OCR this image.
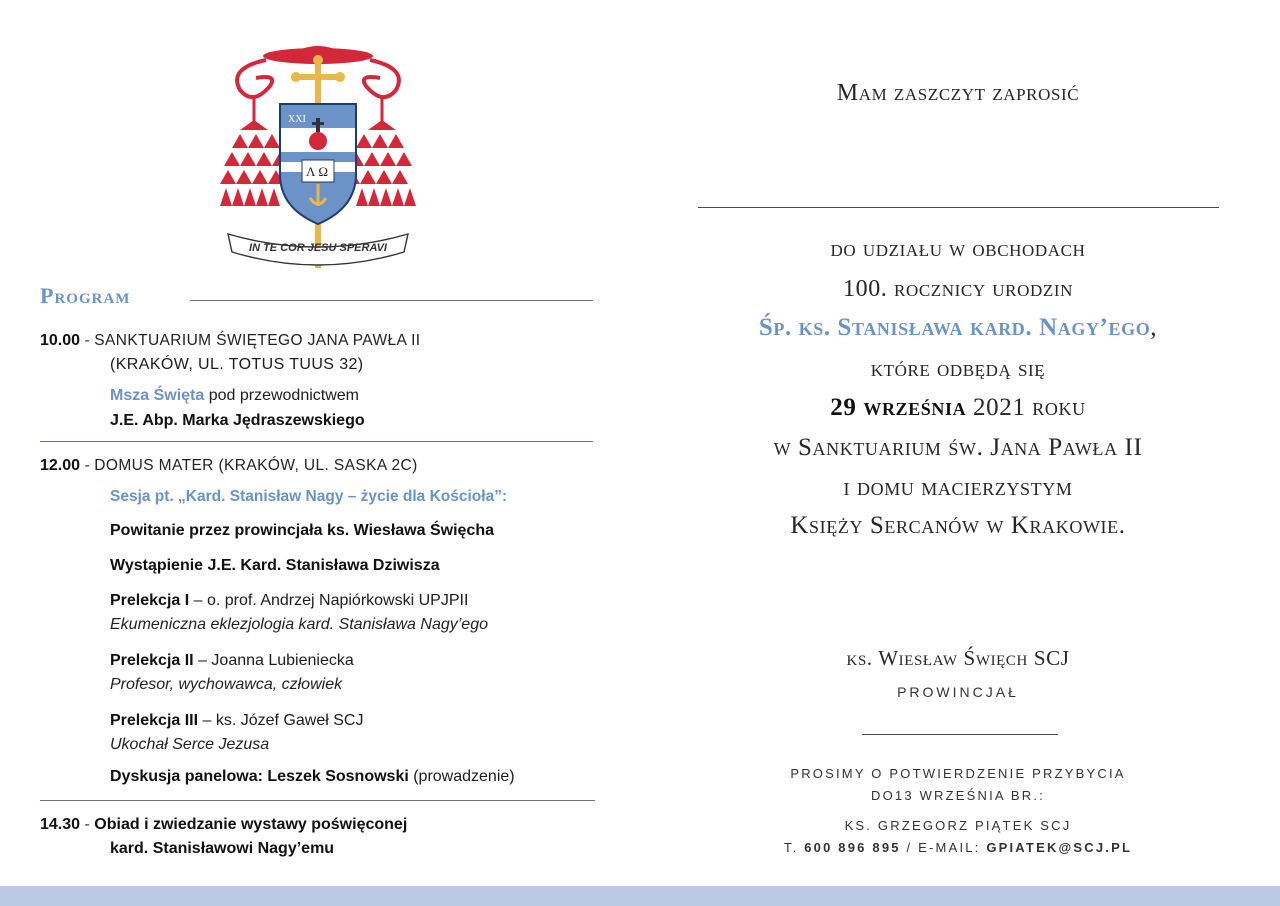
XXI
Λ Ω
IN TE COR JESU SPERAVI
Program
10.00 - SANKTUARIUM ŚWIĘTEGO JANA PAWŁA II
(KRAKÓW, UL. TOTUS TUUS 32)
Msza Święta pod przewodnictwem
J.E. Abp. Marka Jędraszewskiego
12.00 - DOMUS MATER (KRAKÓW, UL. SASKA 2C)
Sesja pt. „Kard. Stanisław Nagy – życie dla Kościoła”:
Powitanie przez prowincjała ks. Wiesława Święcha
Wystąpienie J.E. Kard. Stanisława Dziwisza
Prelekcja I – o. prof. Andrzej Napiórkowski UPJPII
Ekumeniczna eklezjologia kard. Stanisława Nagy’ego
Prelekcja II – Joanna Lubieniecka
Profesor, wychowawca, człowiek
Prelekcja III – ks. Józef Gaweł SCJ
Ukochał Serce Jezusa
Dyskusja panelowa: Leszek Sosnowski (prowadzenie)
14.30 - Obiad i zwiedzanie wystawy poświęconej
kard. Stanisławowi Nagy’emu
Mam zaszczyt zaprosić
do udziału w obchodach
100. rocznicy urodzin
Śp. ks. Stanisława kard. Nagy’ego,
które odbędą się
29 września 2021 roku
w Sanktuarium św. Jana Pawła II
i domu macierzystym
Księży Sercanów w Krakowie.
ks. Wiesław Święch SCJ
PROWINCJAŁ
PROSIMY O POTWIERDZENIE PRZYBYCIA
DO13 WRZEŚNIA BR.:
KS. GRZEGORZ PIĄTEK SCJ
T. 600 896 895 / E-MAIL: GPIATEK@SCJ.PL
